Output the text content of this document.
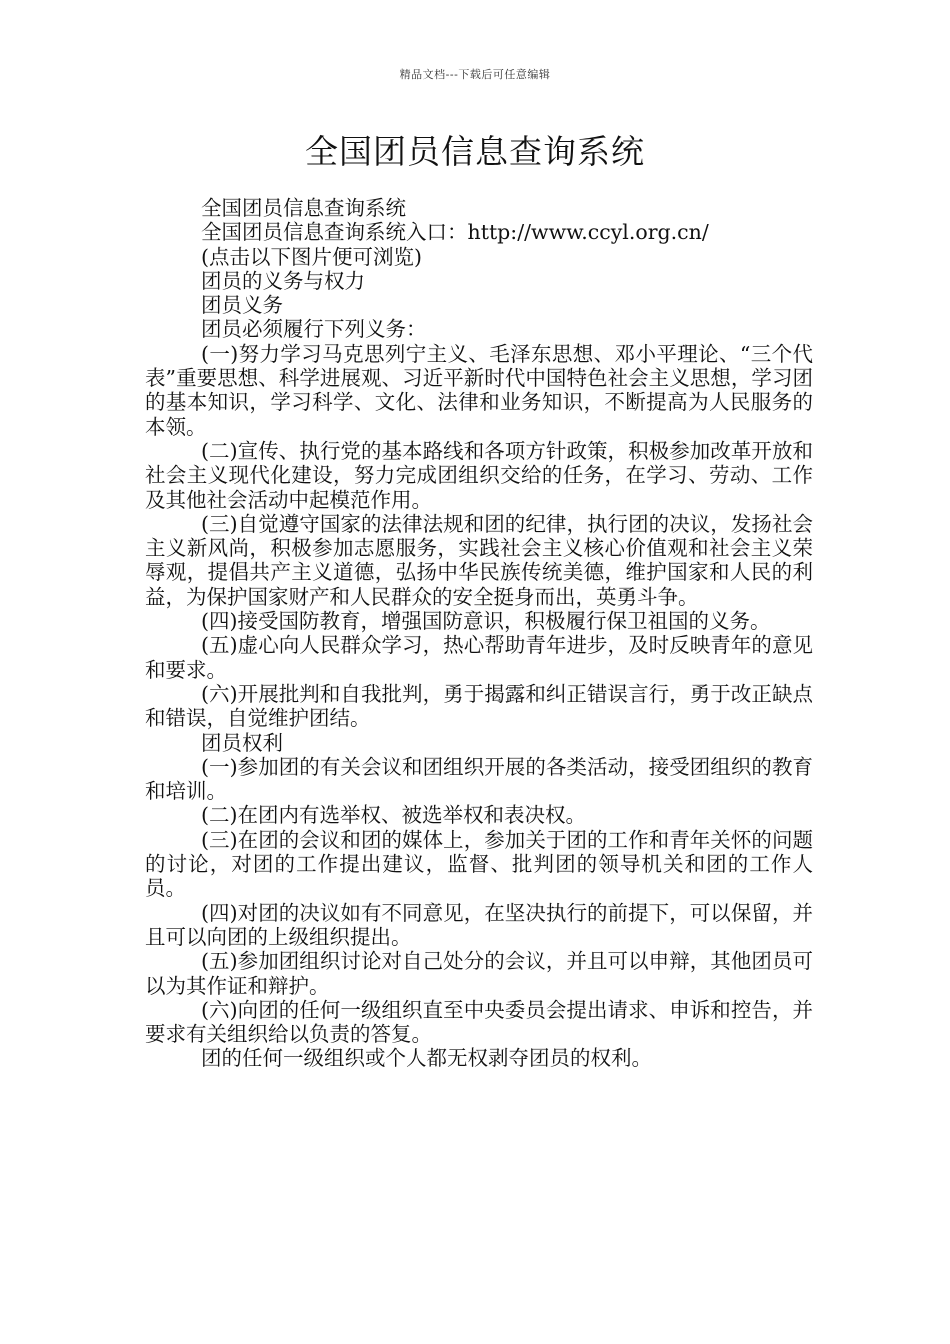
精品文档---下载后可任意编辑
全国团员信息查询系统

全国团员信息查询系统

全国团员信息查询系统入口：http://www.ccyl.org.cn/

(点击以下图片便可浏览)

团员的义务与权力

团员义务

团员必须履行下列义务：

(一)努力学习马克思列宁主义、毛泽东思想、邓小平理论、“三个代表”重要思想、科学进展观、习近平新时代中国特色社会主义思想，学习团的基本知识，学习科学、文化、法律和业务知识，不断提高为人民服务的本领。

(二)宣传、执行党的基本路线和各项方针政策，积极参加改革开放和社会主义现代化建设，努力完成团组织交给的任务，在学习、劳动、工作及其他社会活动中起模范作用。

(三)自觉遵守国家的法律法规和团的纪律，执行团的决议，发扬社会主义新风尚，积极参加志愿服务，实践社会主义核心价值观和社会主义荣辱观，提倡共产主义道德，弘扬中华民族传统美德，维护国家和人民的利益，为保护国家财产和人民群众的安全挺身而出，英勇斗争。

(四)接受国防教育，增强国防意识，积极履行保卫祖国的义务。

(五)虚心向人民群众学习，热心帮助青年进步，及时反映青年的意见和要求。

(六)开展批判和自我批判，勇于揭露和纠正错误言行，勇于改正缺点和错误，自觉维护团结。

团员权利

(一)参加团的有关会议和团组织开展的各类活动，接受团组织的教育和培训。

(二)在团内有选举权、被选举权和表决权。

(三)在团的会议和团的媒体上，参加关于团的工作和青年关怀的问题的讨论，对团的工作提出建议，监督、批判团的领导机关和团的工作人员。

(四)对团的决议如有不同意见，在坚决执行的前提下，可以保留，并且可以向团的上级组织提出。

(五)参加团组织讨论对自己处分的会议，并且可以申辩，其他团员可以为其作证和辩护。

(六)向团的任何一级组织直至中央委员会提出请求、申诉和控告，并要求有关组织给以负责的答复。

团的任何一级组织或个人都无权剥夺团员的权利。
